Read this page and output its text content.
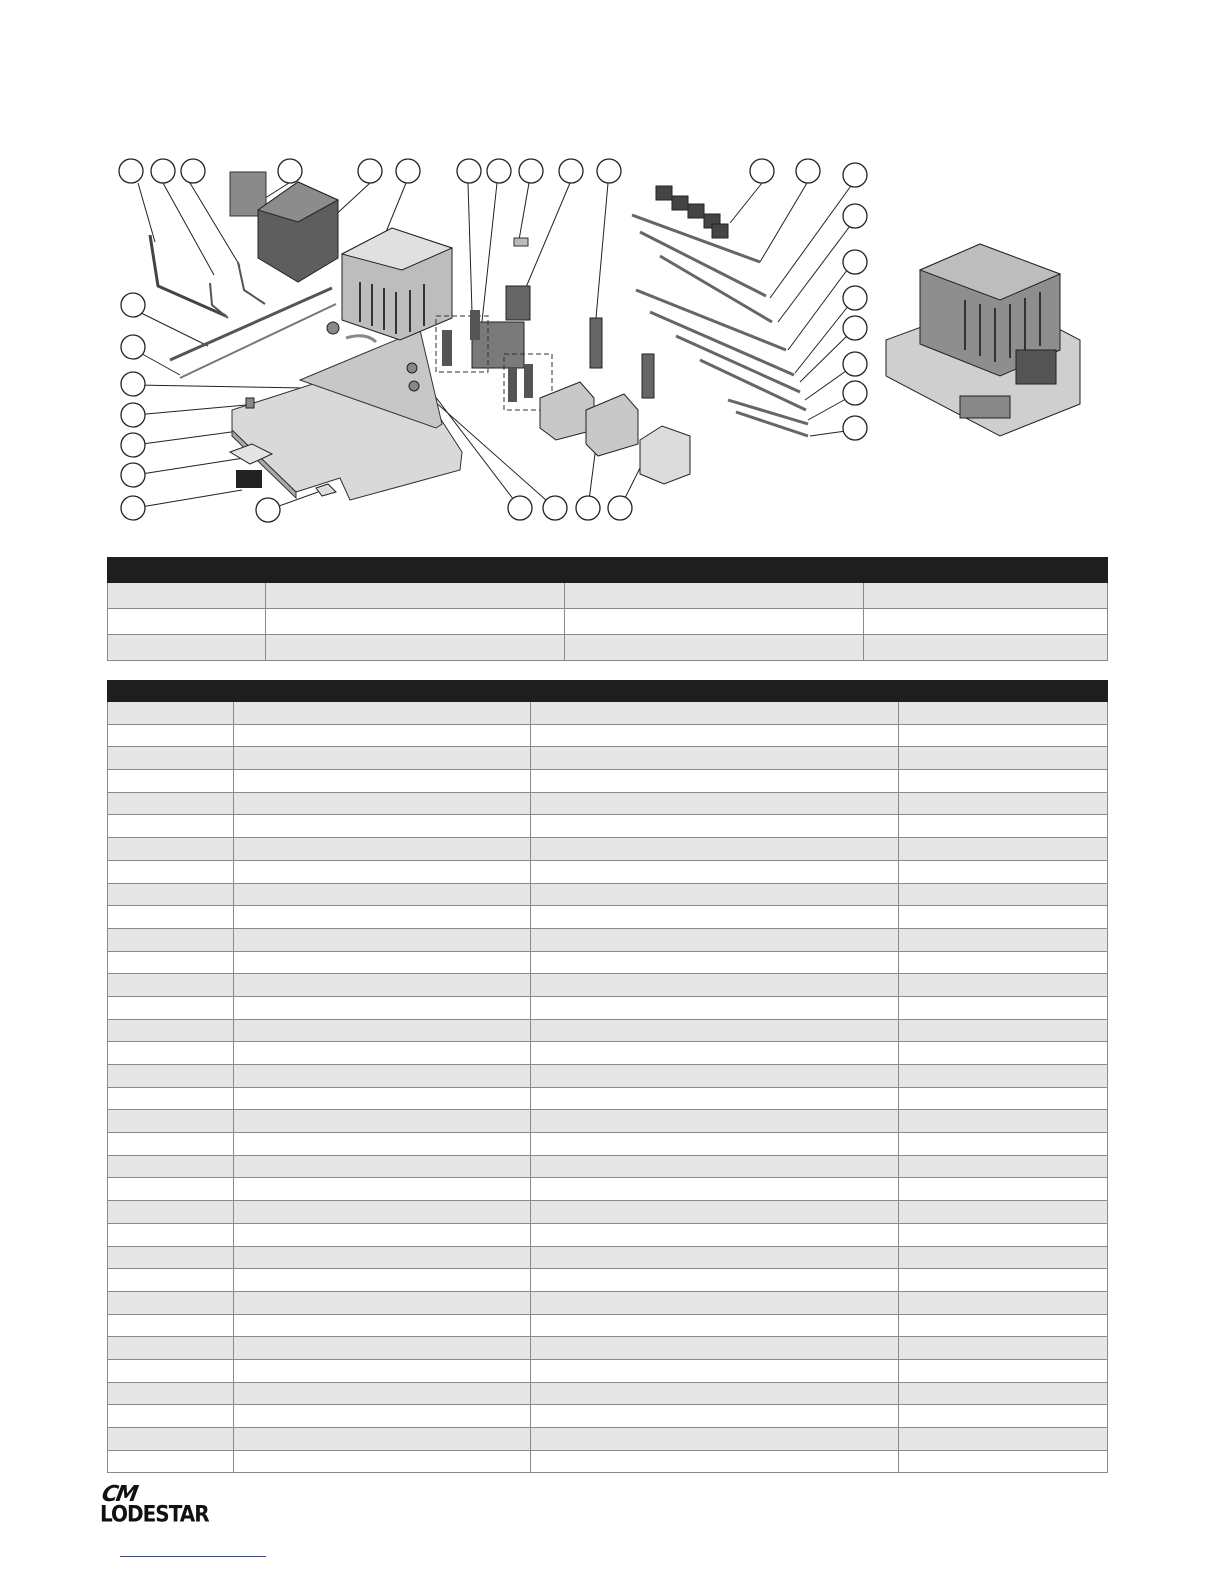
CM
LODESTAR
